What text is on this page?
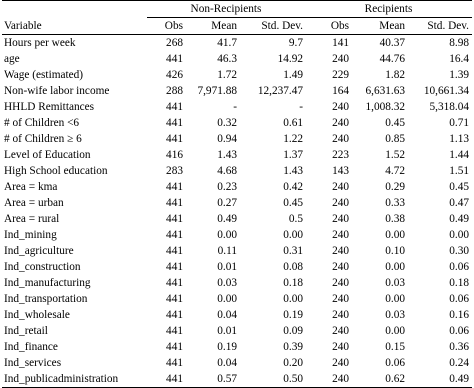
	Non-Recipients			Recipients		
Variable	Obs	Mean	Std. Dev.	Obs	Mean	Std. Dev.
Hours per week	268	41.7	9.7	141	40.37	8.98
age	441	46.3	14.92	240	44.76	16.4
Wage (estimated)	426	1.72	1.49	229	1.82	1.39
Non-wife labor income	288	7,971.88	12,237.47	164	6,631.63	10,661.34
HHLD Remittances	441	-	-	240	1,008.32	5,318.04
# of Children <6	441	0.32	0.61	240	0.45	0.71
# of Children ≥ 6	441	0.94	1.22	240	0.85	1.13
Level of Education	416	1.43	1.37	223	1.52	1.44
High School education	283	4.68	1.43	143	4.72	1.51
Area = kma	441	0.23	0.42	240	0.29	0.45
Area = urban	441	0.27	0.45	240	0.33	0.47
Area = rural	441	0.49	0.5	240	0.38	0.49
Ind_mining	441	0.00	0.00	240	0.00	0.00
Ind_agriculture	441	0.11	0.31	240	0.10	0.30
Ind_construction	441	0.01	0.08	240	0.00	0.06
Ind_manufacturing	441	0.03	0.18	240	0.03	0.18
Ind_transportation	441	0.00	0.00	240	0.00	0.06
Ind_wholesale	441	0.04	0.19	240	0.03	0.16
Ind_retail	441	0.01	0.09	240	0.00	0.06
Ind_finance	441	0.19	0.39	240	0.15	0.36
Ind_services	441	0.04	0.20	240	0.06	0.24
Ind_publicadministration	441	0.57	0.50	240	0.62	0.49
